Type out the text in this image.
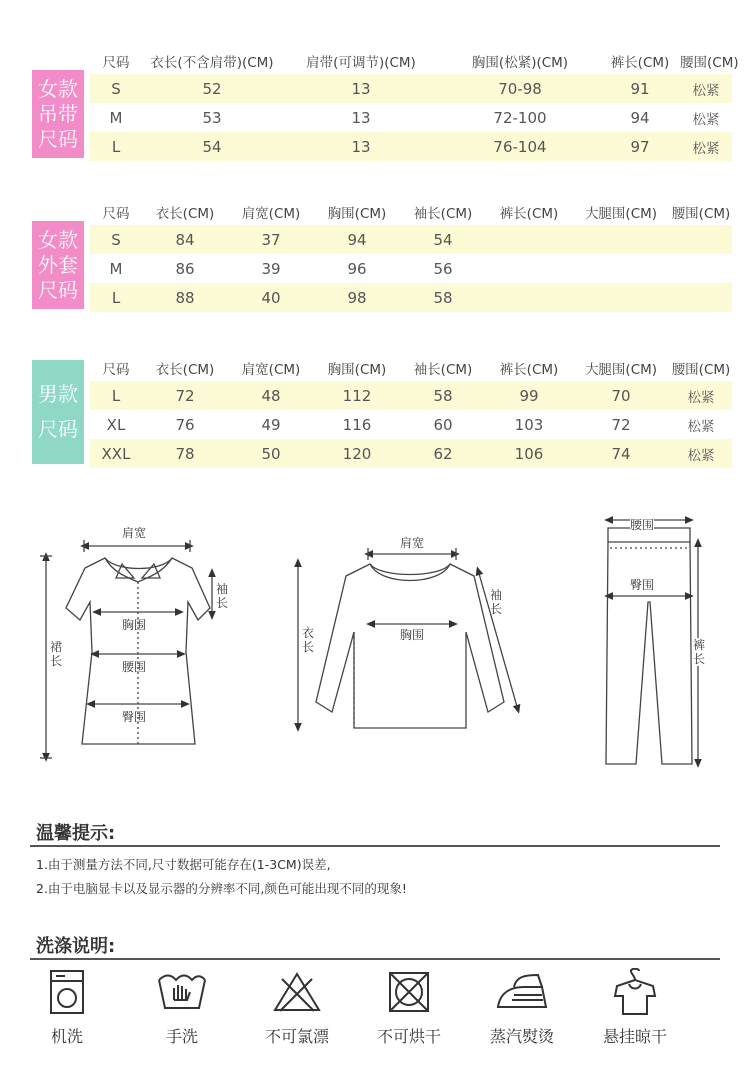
女款
吊带
尺码
尺码	衣长(不含肩带)(CM)	肩带(可调节)(CM)	胸围(松紧)(CM)	裤长(CM)	腰围(CM)
S	52	13	70-98	91	松紧
M	53	13	72-100	94	松紧
L	54	13	76-104	97	松紧
女款
外套
尺码
尺码	衣长(CM)	肩宽(CM)	胸围(CM)	袖长(CM)	裤长(CM)	大腿围(CM)	腰围(CM)
S	84	37	94	54			
M	86	39	96	56			
L	88	40	98	58			
男款
尺码
尺码	衣长(CM)	肩宽(CM)	胸围(CM)	袖长(CM)	裤长(CM)	大腿围(CM)	腰围(CM)
L	72	48	112	58	99	70	松紧
XL	76	49	116	60	103	72	松紧
XXL	78	50	120	62	106	74	松紧
肩宽
袖长
胸围
腰围
臀围
裙长
肩宽
袖长
胸围
衣长
腰围
臀围
裤长
温馨提示:
1.由于测量方法不同,尺寸数据可能存在(1-3CM)误差,
2.由于电脑显卡以及显示器的分辨率不同,颜色可能出现不同的现象!
洗涤说明:
机洗	手洗	不可氯漂	不可烘干	蒸汽熨烫	悬挂晾干
